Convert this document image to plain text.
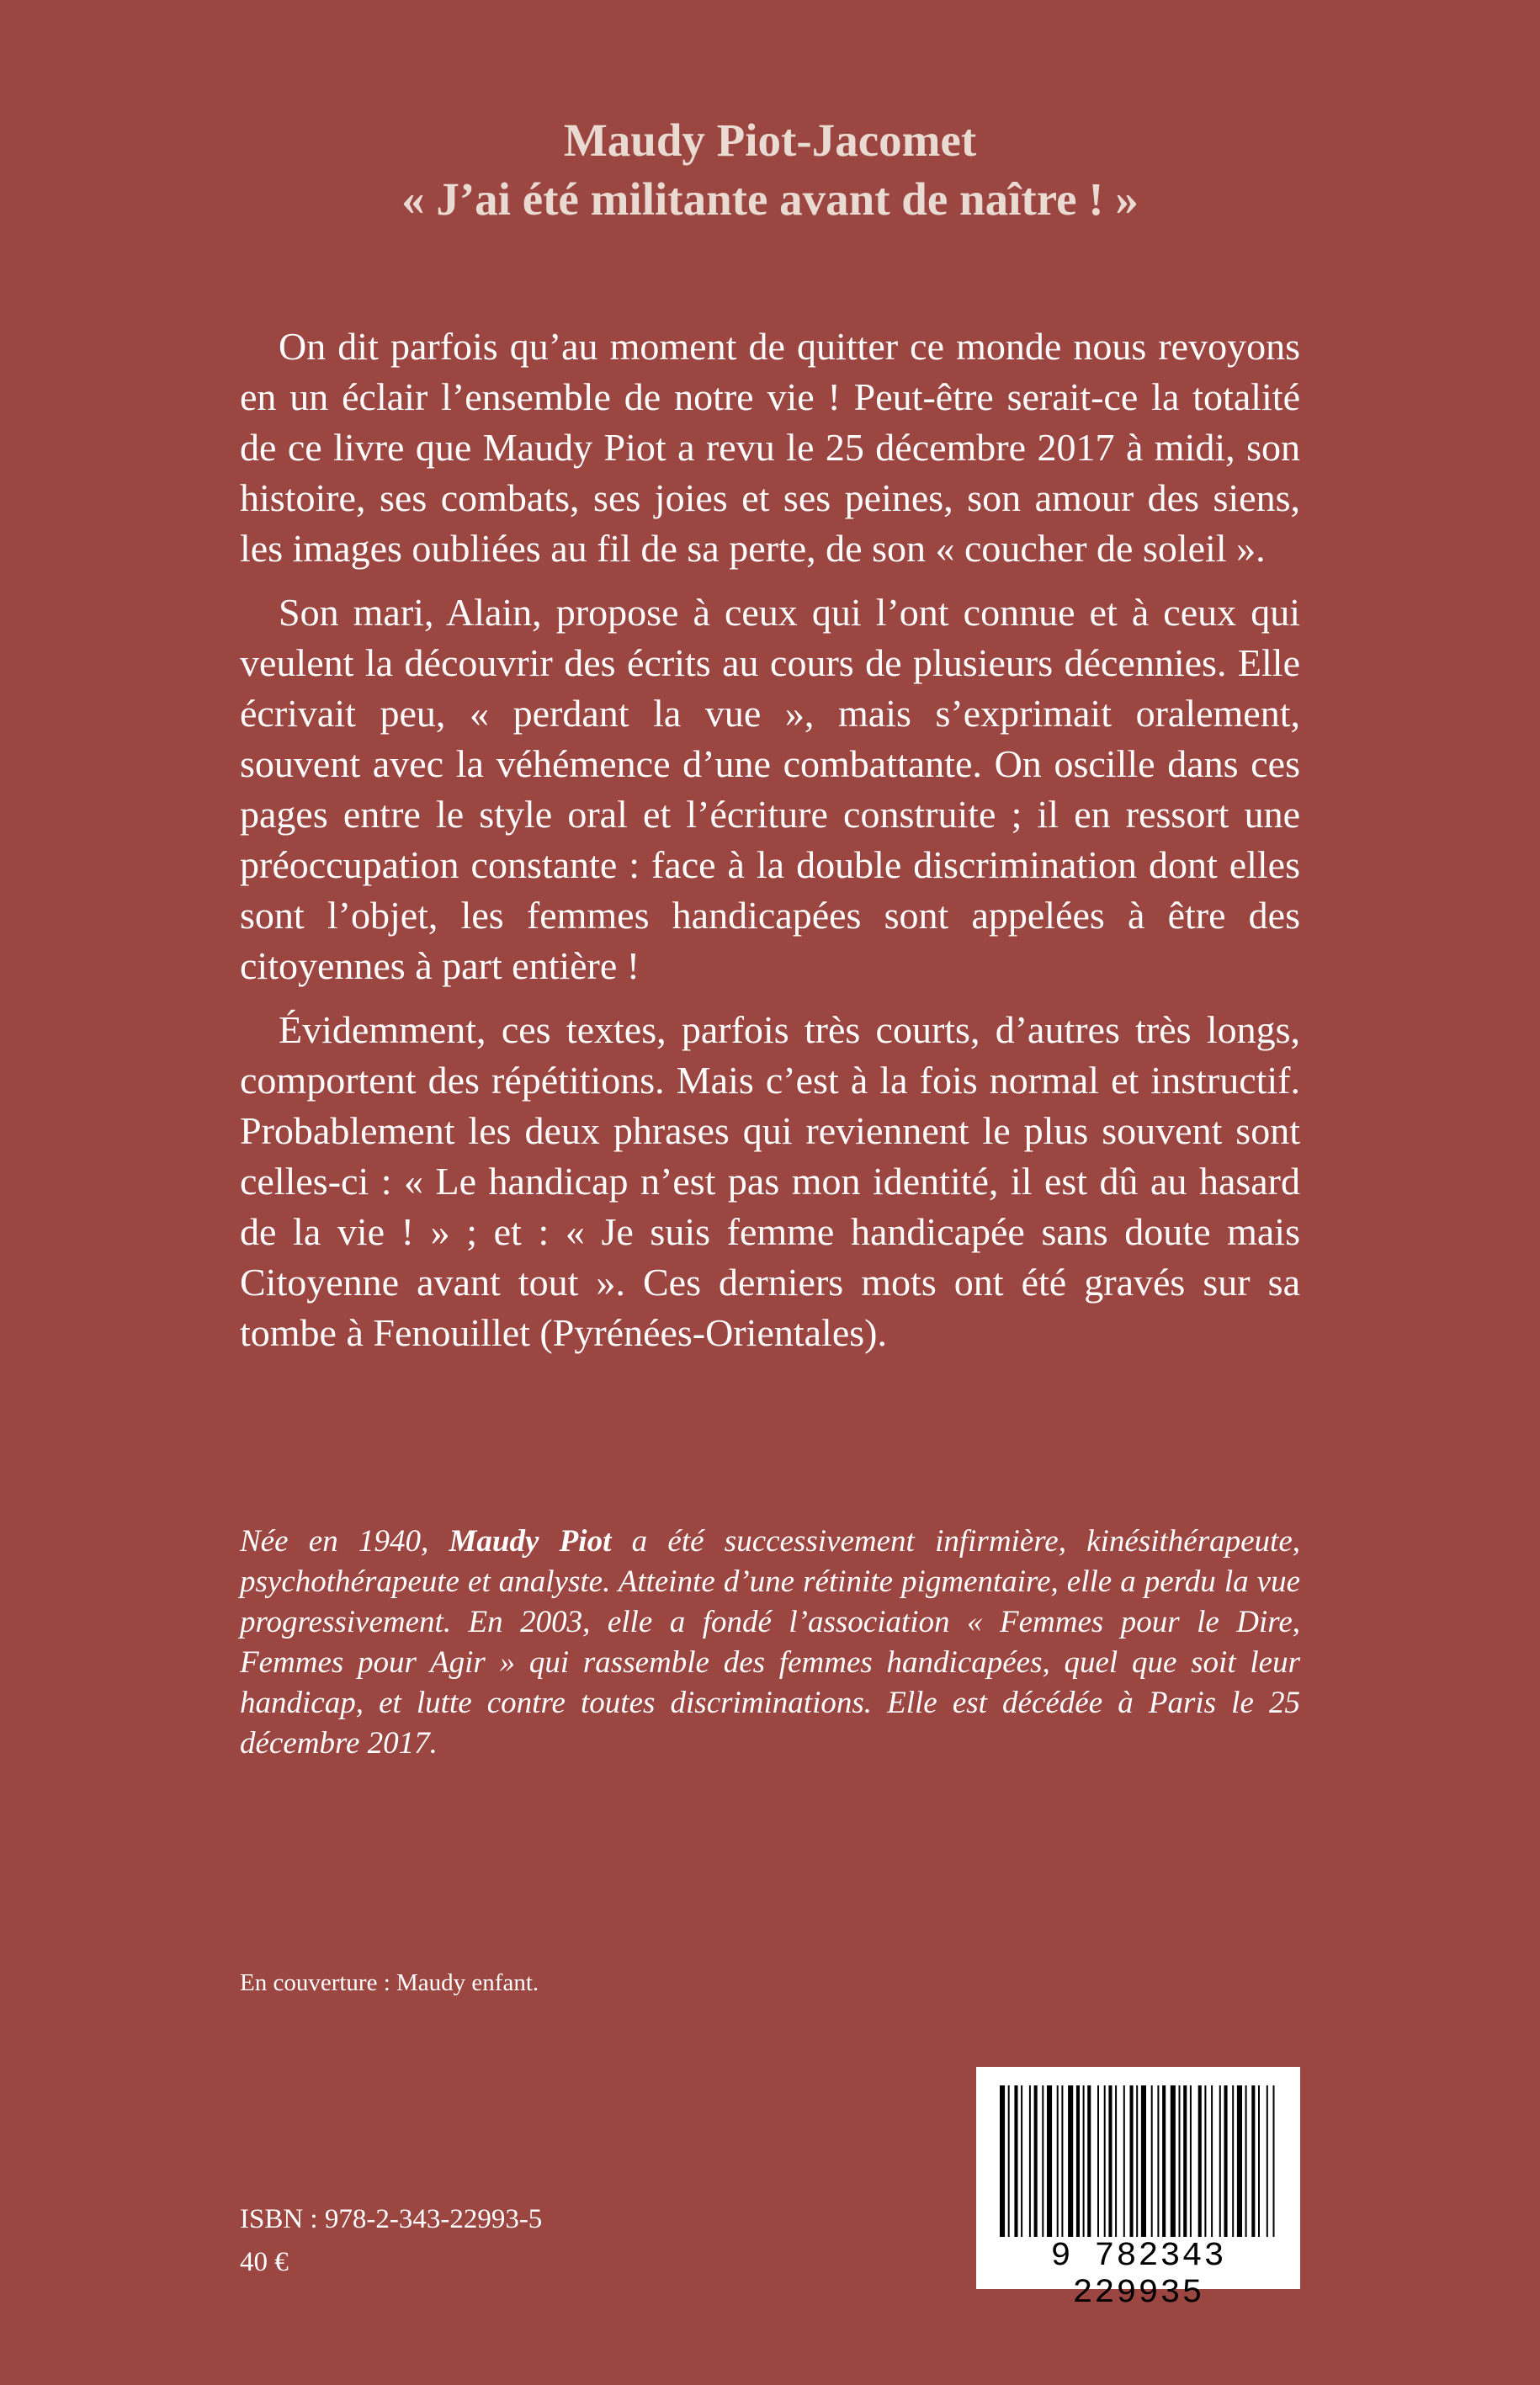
Maudy Piot-Jacomet
« J’ai été militante avant de naître ! »

On dit parfois qu’au moment de quitter ce monde nous revoyons en un éclair l’ensemble de notre vie ! Peut-être serait-ce la totalité de ce livre que Maudy Piot a revu le 25 décembre 2017 à midi, son histoire, ses combats, ses joies et ses peines, son amour des siens, les images oubliées au fil de sa perte, de son « coucher de soleil ».

Son mari, Alain, propose à ceux qui l’ont connue et à ceux qui veulent la découvrir des écrits au cours de plusieurs décennies. Elle écrivait peu, « perdant la vue », mais s’exprimait oralement, souvent avec la véhémence d’une combattante. On oscille dans ces pages entre le style oral et l’écriture construite ; il en ressort une préoccupation constante : face à la double discrimination dont elles sont l’objet, les femmes handicapées sont appelées à être des citoyennes à part entière !

Évidemment, ces textes, parfois très courts, d’autres très longs, comportent des répétitions. Mais c’est à la fois normal et instructif. Probablement les deux phrases qui reviennent le plus souvent sont celles-ci : « Le handicap n’est pas mon identité, il est dû au hasard de la vie ! » ; et : « Je suis femme handicapée sans doute mais Citoyenne avant tout ». Ces derniers mots ont été gravés sur sa tombe à Fenouillet (Pyrénées-Orientales).

Née en 1940, Maudy Piot a été successivement infirmière, kinésithérapeute, psychothérapeute et analyste. Atteinte d’une rétinite pigmentaire, elle a perdu la vue progressivement. En 2003, elle a fondé l’association « Femmes pour le Dire, Femmes pour Agir » qui rassemble des femmes handicapées, quel que soit leur handicap, et lutte contre toutes discriminations. Elle est décédée à Paris le 25 décembre 2017.

En couverture : Maudy enfant.
ISBN : 978-2-343-22993-5
40 €	9 782343 229935
